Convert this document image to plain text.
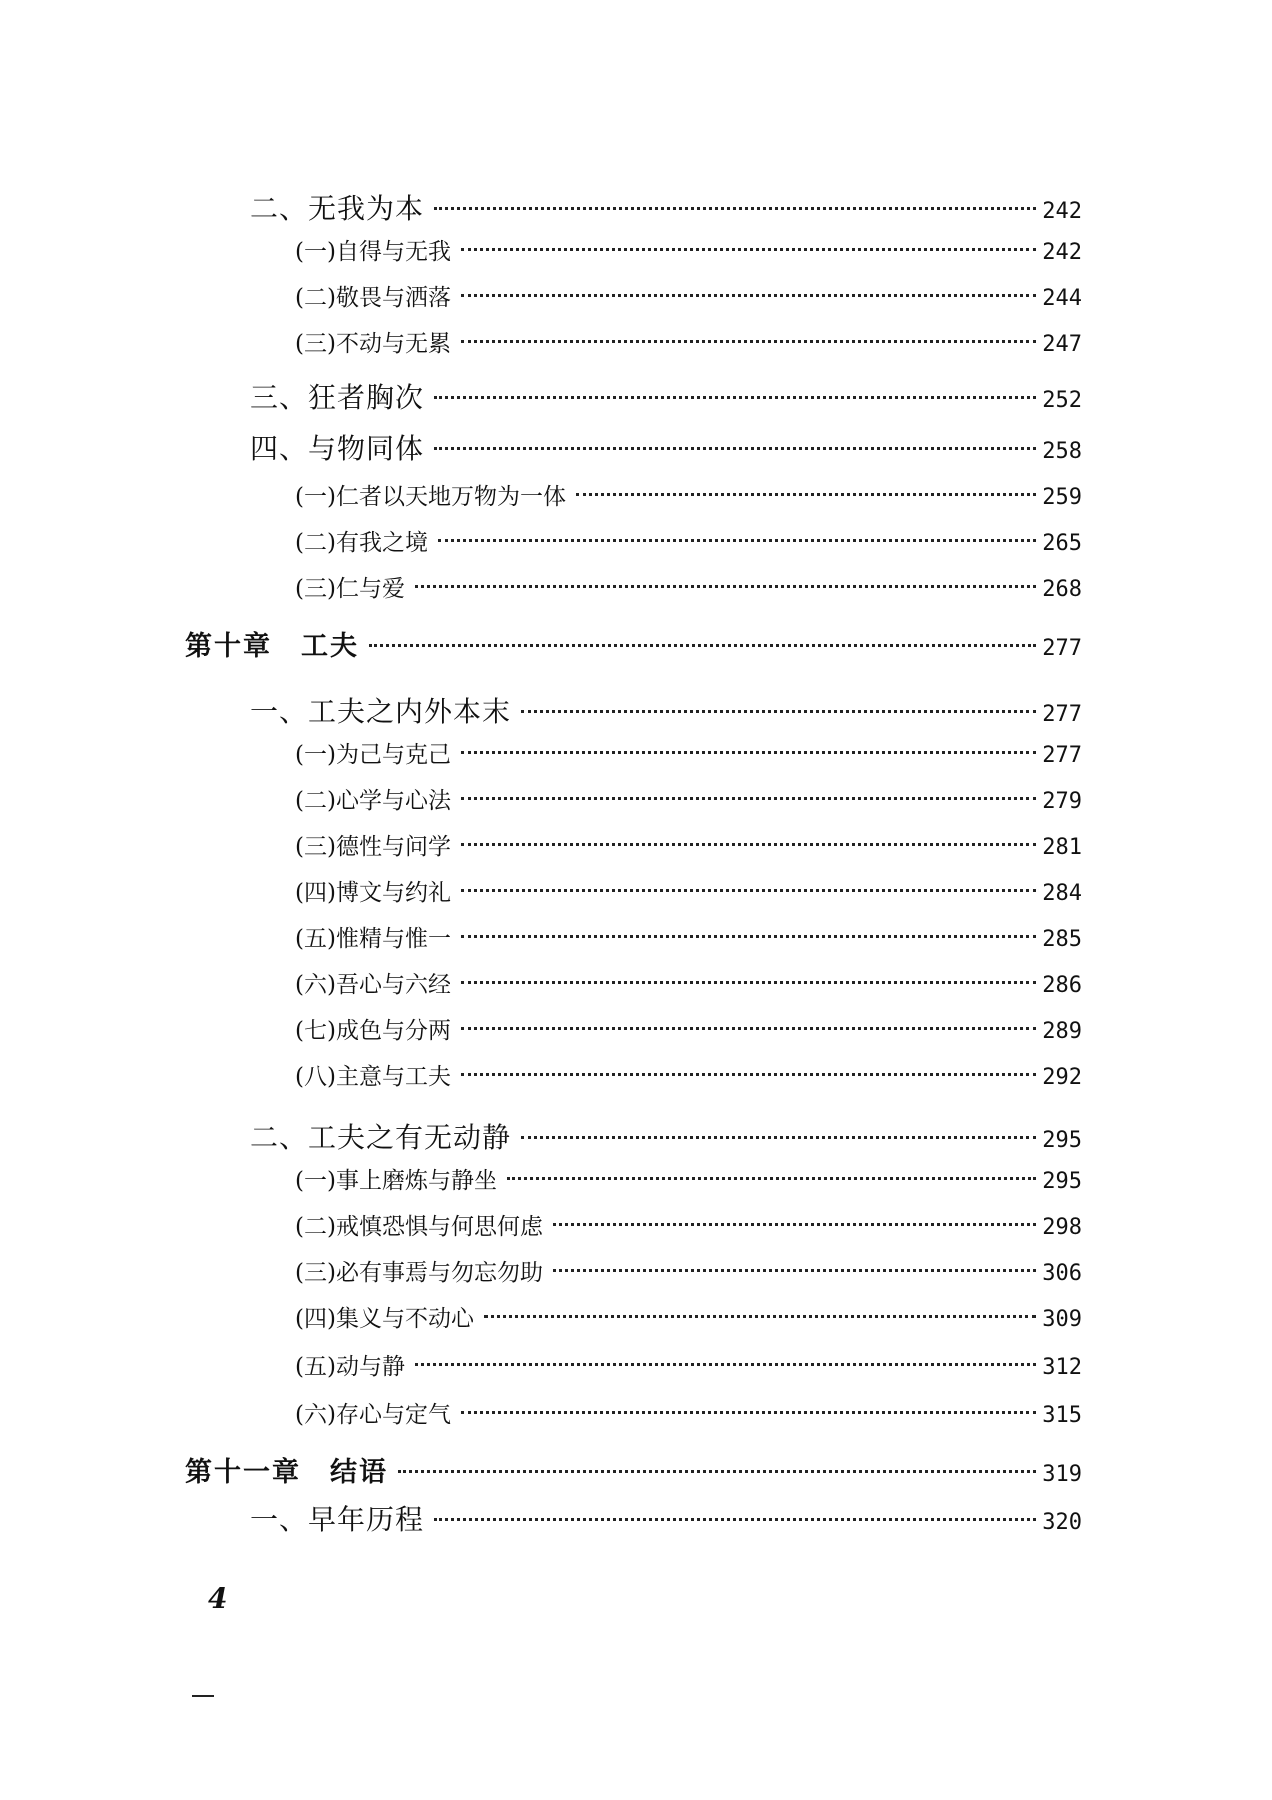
二、无我为本	242
(一)自得与无我	242
(二)敬畏与洒落	244
(三)不动与无累	247
三、狂者胸次	252
四、与物同体	258
(一)仁者以天地万物为一体	259
(二)有我之境	265
(三)仁与爱	268
第十章　工夫	277
一、工夫之内外本末	277
(一)为己与克己	277
(二)心学与心法	279
(三)德性与问学	281
(四)博文与约礼	284
(五)惟精与惟一	285
(六)吾心与六经	286
(七)成色与分两	289
(八)主意与工夫	292
二、工夫之有无动静	295
(一)事上磨炼与静坐	295
(二)戒慎恐惧与何思何虑	298
(三)必有事焉与勿忘勿助	306
(四)集义与不动心	309
(五)动与静	312
(六)存心与定气	315
第十一章　结语	319
一、早年历程	320
4
